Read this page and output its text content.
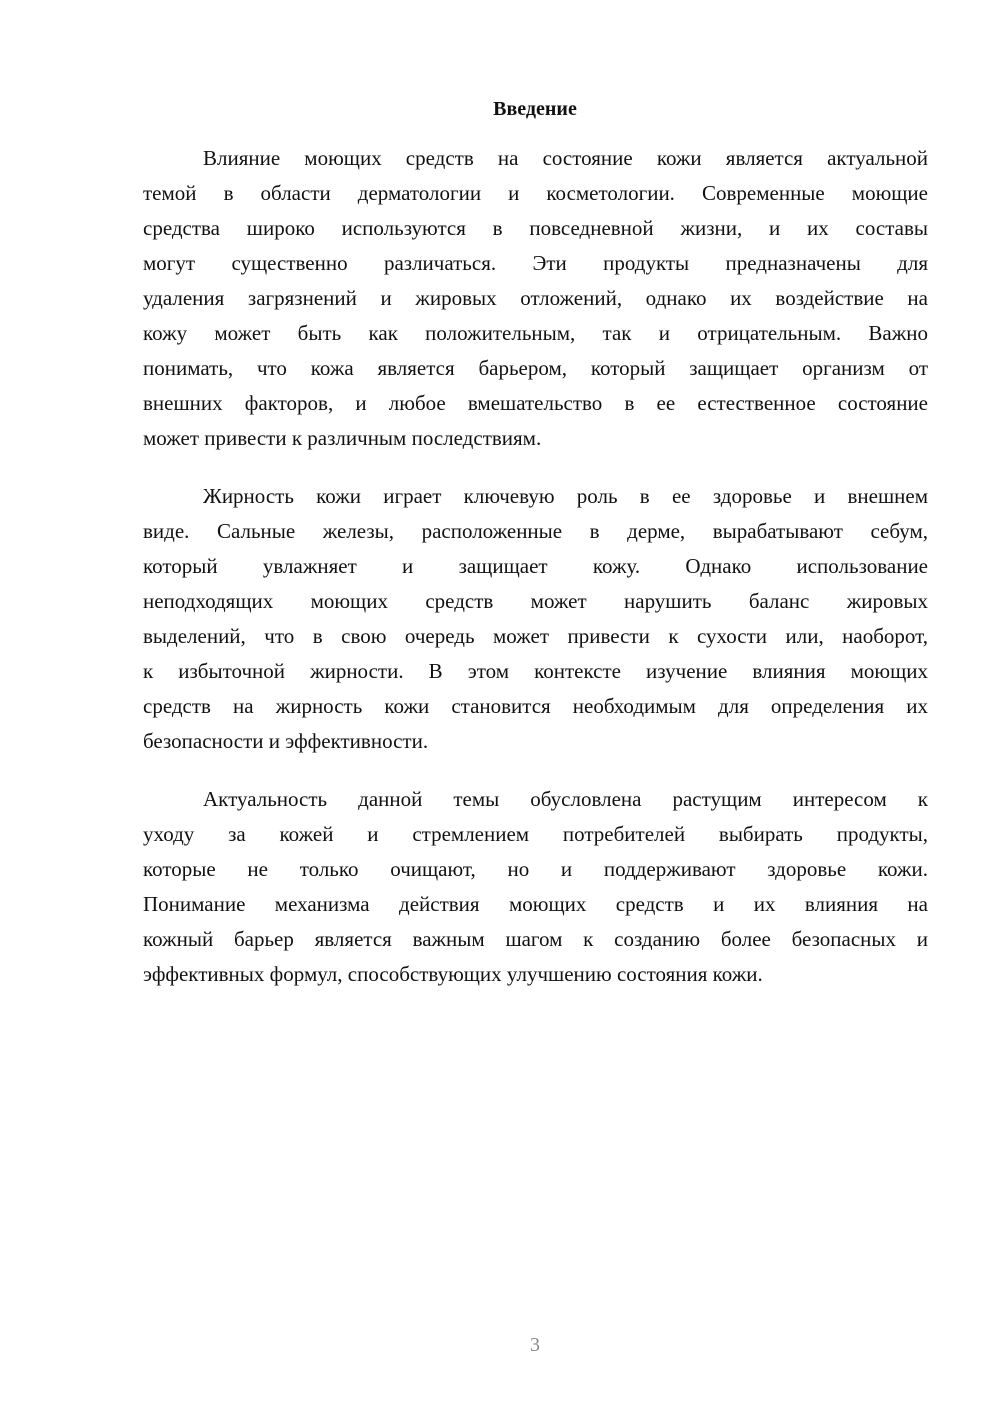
Введение
Влияние моющих средств на состояние кожи является актуальной
темой в области дерматологии и косметологии. Современные моющие
средства широко используются в повседневной жизни, и их составы
могут существенно различаться. Эти продукты предназначены для
удаления загрязнений и жировых отложений, однако их воздействие на
кожу может быть как положительным, так и отрицательным. Важно
понимать, что кожа является барьером, который защищает организм от
внешних факторов, и любое вмешательство в ее естественное состояние
может привести к различным последствиям.
Жирность кожи играет ключевую роль в ее здоровье и внешнем
виде. Сальные железы, расположенные в дерме, вырабатывают себум,
который увлажняет и защищает кожу. Однако использование
неподходящих моющих средств может нарушить баланс жировых
выделений, что в свою очередь может привести к сухости или, наоборот,
к избыточной жирности. В этом контексте изучение влияния моющих
средств на жирность кожи становится необходимым для определения их
безопасности и эффективности.
Актуальность данной темы обусловлена растущим интересом к
уходу за кожей и стремлением потребителей выбирать продукты,
которые не только очищают, но и поддерживают здоровье кожи.
Понимание механизма действия моющих средств и их влияния на
кожный барьер является важным шагом к созданию более безопасных и
эффективных формул, способствующих улучшению состояния кожи.
3
